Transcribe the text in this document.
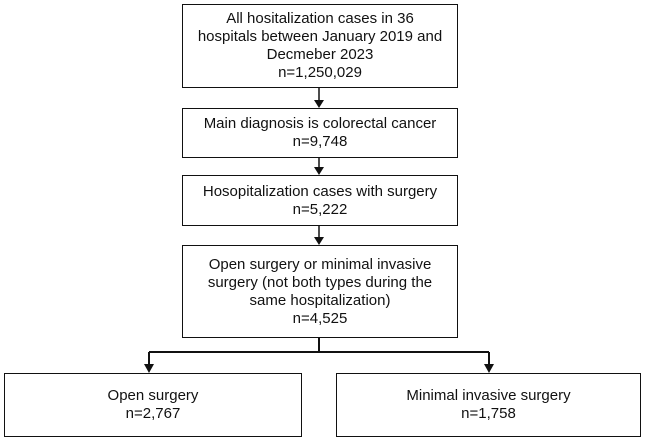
All hositalization cases in 36
hospitals between January 2019 and
Decmeber 2023
n=1,250,029
Main diagnosis is colorectal cancer
n=9,748
Hosopitalization cases with surgery
n=5,222
Open surgery or minimal invasive
surgery (not both types during the
same hospitalization)
n=4,525
Open surgery
n=2,767
Minimal invasive surgery
n=1,758
